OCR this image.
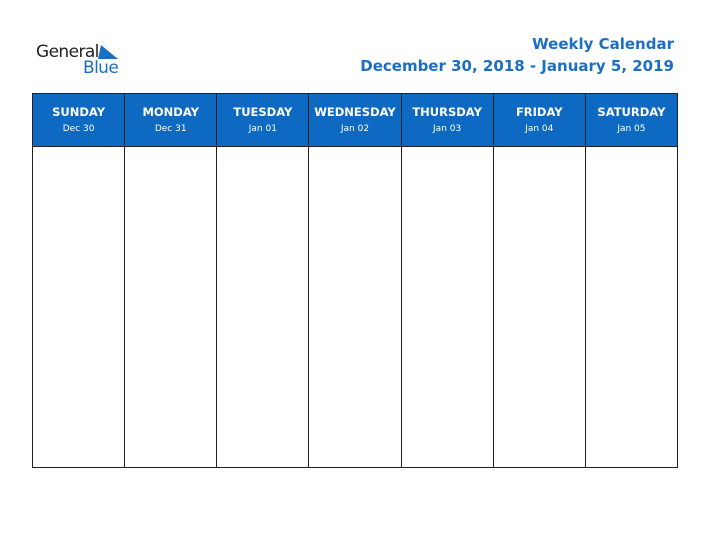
General
Blue
Weekly Calendar
December 30, 2018 - January 5, 2019
SUNDAY
Dec 30
MONDAY
Dec 31
TUESDAY
Jan 01
WEDNESDAY
Jan 02
THURSDAY
Jan 03
FRIDAY
Jan 04
SATURDAY
Jan 05
